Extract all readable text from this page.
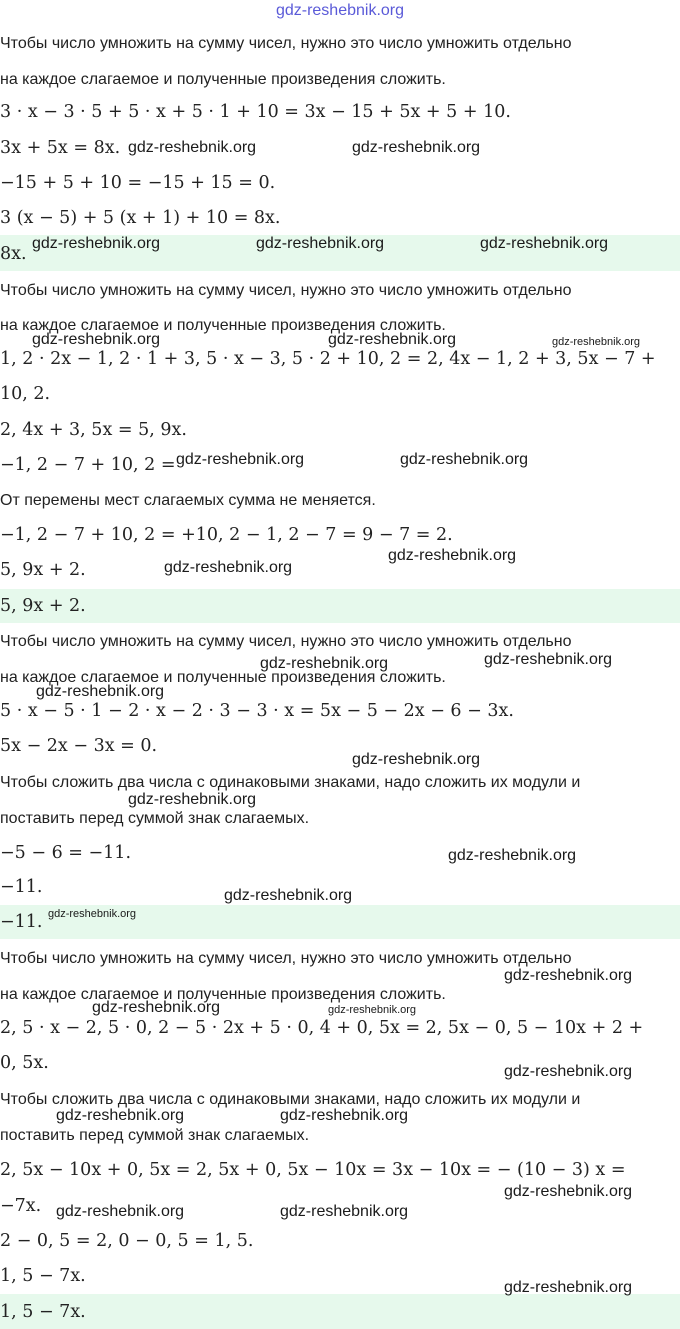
gdz-reshebnik.org
Чтобы число умножить на сумму чисел, нужно это число умножить отдельно
на каждое слагаемое и полученные произведения сложить.
3 · x − 3 · 5 + 5 · x + 5 · 1 + 10 = 3x − 15 + 5x + 5 + 10.
3x + 5x = 8x.
−15 + 5 + 10 = −15 + 15 = 0.
3 (x − 5) + 5 (x + 1) + 10 = 8x.
8x.
Чтобы число умножить на сумму чисел, нужно это число умножить отдельно
на каждое слагаемое и полученные произведения сложить.
1, 2 · 2x − 1, 2 · 1 + 3, 5 · x − 3, 5 · 2 + 10, 2 = 2, 4x − 1, 2 + 3, 5x − 7 +
10, 2.
2, 4x + 3, 5x = 5, 9x.
−1, 2 − 7 + 10, 2 =
От перемены мест слагаемых сумма не меняется.
−1, 2 − 7 + 10, 2 = +10, 2 − 1, 2 − 7 = 9 − 7 = 2.
5, 9x + 2.
5, 9x + 2.
Чтобы число умножить на сумму чисел, нужно это число умножить отдельно
на каждое слагаемое и полученные произведения сложить.
5 · x − 5 · 1 − 2 · x − 2 · 3 − 3 · x = 5x − 5 − 2x − 6 − 3x.
5x − 2x − 3x = 0.
Чтобы сложить два числа с одинаковыми знаками, надо сложить их модули и
поставить перед суммой знак слагаемых.
−5 − 6 = −11.
−11.
−11.
Чтобы число умножить на сумму чисел, нужно это число умножить отдельно
на каждое слагаемое и полученные произведения сложить.
2, 5 · x − 2, 5 · 0, 2 − 5 · 2x + 5 · 0, 4 + 0, 5x = 2, 5x − 0, 5 − 10x + 2 +
0, 5x.
Чтобы сложить два числа с одинаковыми знаками, надо сложить их модули и
поставить перед суммой знак слагаемых.
2, 5x − 10x + 0, 5x = 2, 5x + 0, 5x − 10x = 3x − 10x = − (10 − 3) x =
−7x.
2 − 0, 5 = 2, 0 − 0, 5 = 1, 5.
1, 5 − 7x.
1, 5 − 7x.
gdz-reshebnik.org	gdz-reshebnik.org
gdz-reshebnik.org	gdz-reshebnik.org	gdz-reshebnik.org
gdz-reshebnik.org	gdz-reshebnik.org	gdz-reshebnik.org
gdz-reshebnik.org	gdz-reshebnik.org
gdz-reshebnik.org
gdz-reshebnik.org
gdz-reshebnik.org	gdz-reshebnik.org
gdz-reshebnik.org
gdz-reshebnik.org
gdz-reshebnik.org
gdz-reshebnik.org
gdz-reshebnik.org
gdz-reshebnik.org
gdz-reshebnik.org
gdz-reshebnik.org	gdz-reshebnik.org
gdz-reshebnik.org
gdz-reshebnik.org	gdz-reshebnik.org
gdz-reshebnik.org
gdz-reshebnik.org	gdz-reshebnik.org
gdz-reshebnik.org
